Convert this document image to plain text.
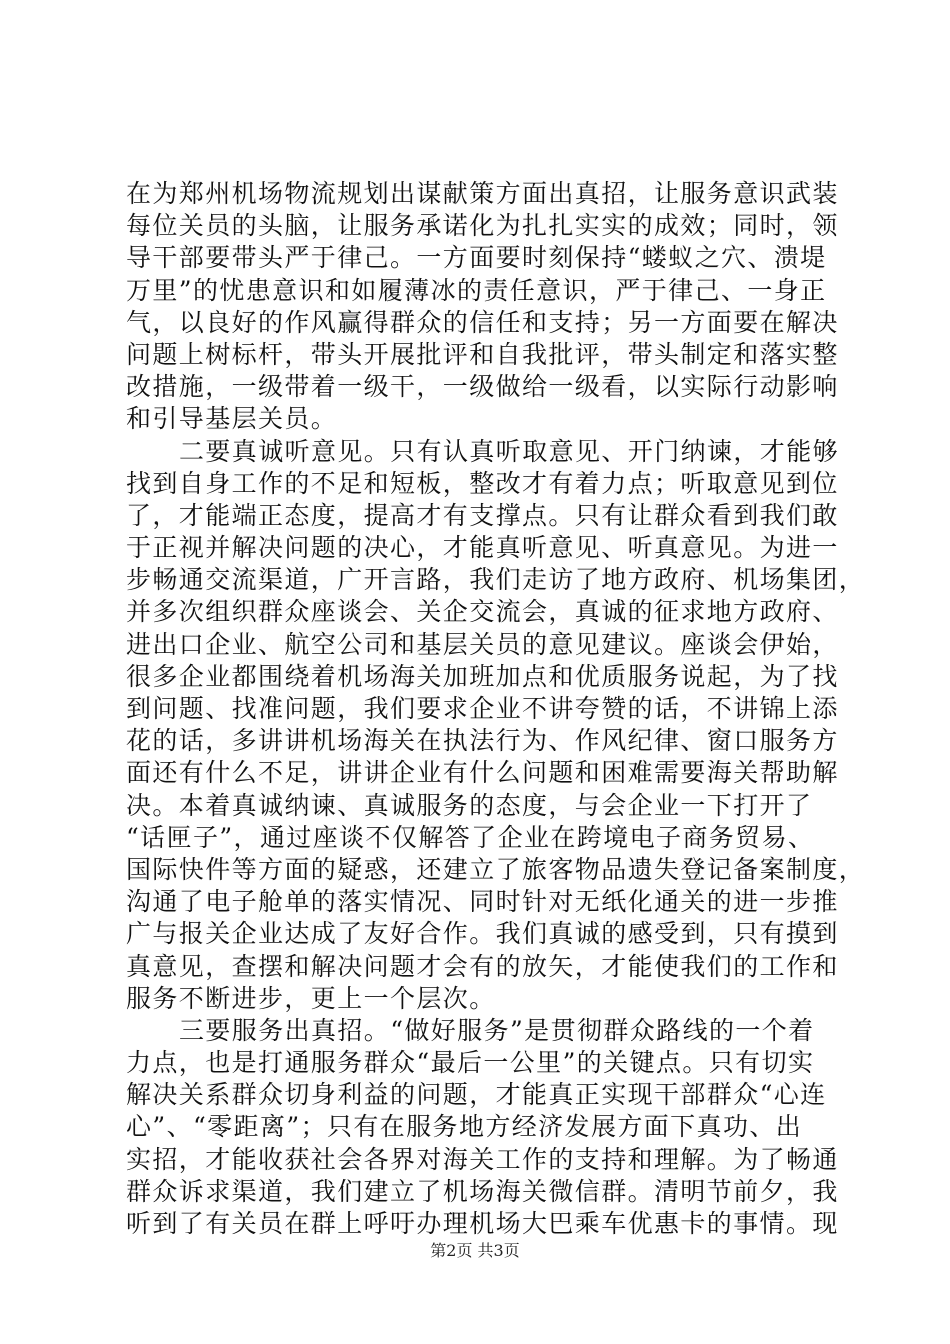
在为郑州机场物流规划出谋献策方面出真招，让服务意识武装
每位关员的头脑，让服务承诺化为扎扎实实的成效；同时，领
导干部要带头严于律己。一方面要时刻保持“蝼蚁之穴、溃堤
万里”的忧患意识和如履薄冰的责任意识，严于律己、一身正
气，以良好的作风赢得群众的信任和支持；另一方面要在解决
问题上树标杆，带头开展批评和自我批评，带头制定和落实整
改措施，一级带着一级干，一级做给一级看，以实际行动影响
和引导基层关员。
二要真诚听意见。只有认真听取意见、开门纳谏，才能够
找到自身工作的不足和短板，整改才有着力点；听取意见到位
了，才能端正态度，提高才有支撑点。只有让群众看到我们敢
于正视并解决问题的决心，才能真听意见、听真意见。为进一
步畅通交流渠道，广开言路，我们走访了地方政府、机场集团，
并多次组织群众座谈会、关企交流会，真诚的征求地方政府、
进出口企业、航空公司和基层关员的意见建议。座谈会伊始，
很多企业都围绕着机场海关加班加点和优质服务说起，为了找
到问题、找准问题，我们要求企业不讲夸赞的话，不讲锦上添
花的话，多讲讲机场海关在执法行为、作风纪律、窗口服务方
面还有什么不足，讲讲企业有什么问题和困难需要海关帮助解
决。本着真诚纳谏、真诚服务的态度，与会企业一下打开了
“话匣子”，通过座谈不仅解答了企业在跨境电子商务贸易、
国际快件等方面的疑惑，还建立了旅客物品遗失登记备案制度，
沟通了电子舱单的落实情况、同时针对无纸化通关的进一步推
广与报关企业达成了友好合作。我们真诚的感受到，只有摸到
真意见，查摆和解决问题才会有的放矢，才能使我们的工作和
服务不断进步，更上一个层次。
三要服务出真招。“做好服务”是贯彻群众路线的一个着
力点，也是打通服务群众“最后一公里”的关键点。只有切实
解决关系群众切身利益的问题，才能真正实现干部群众“心连
心”、“零距离”；只有在服务地方经济发展方面下真功、出
实招，才能收获社会各界对海关工作的支持和理解。为了畅通
群众诉求渠道，我们建立了机场海关微信群。清明节前夕，我
听到了有关员在群上呼吁办理机场大巴乘车优惠卡的事情。现
第2页 共3页
